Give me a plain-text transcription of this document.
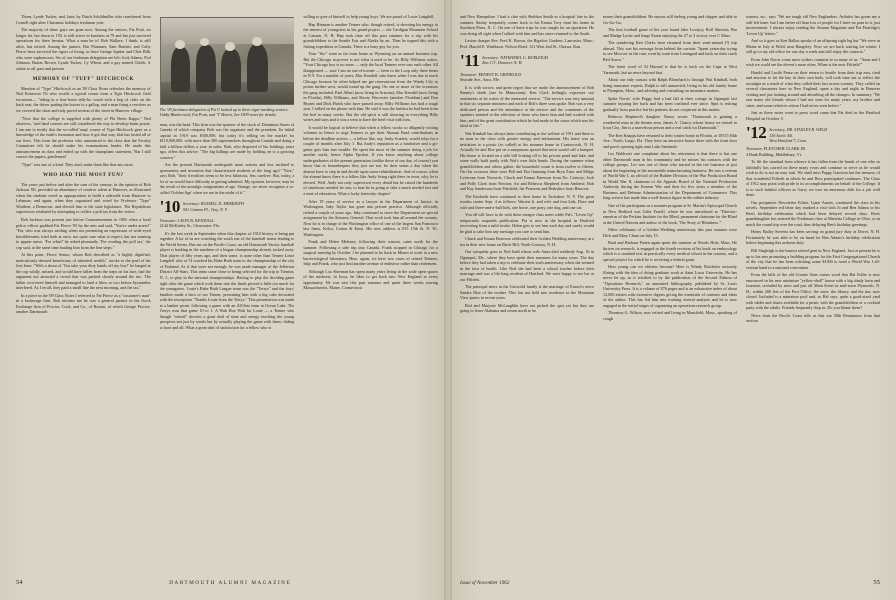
Thorn, Lynde Tucker, and, later, by Dutch Schildmiller who transferred from Cornell right after Christmas holidays freshman year.

The majority of these guys are gone now. Among the seniors, Fat Pratt, no longer fat, but down to 150, is still active in business at 79 and has just survived operations for three hernias. What a man he is! Bob Wallace, I think, is still alive, but retired. Among the juniors, Dut Plummer, Sam Bartlett, and Cully Pierce have survived the rigors of living, as have George Spaker and Clint Bills who were sophomores. Six of our freshman delegation are left: Jock Adams, Pod Johnson, Buster Brown, Lynde Tucker, Cy Wheat, and a guy named Childs. A salute to all, past and present.

MEMORY OF "TUFF" HITCHCOCK

Mention of "Type" Hitchcock in an '09 Class Notes refreshes the memory of Ned Kenerson '03 who recalls a typical return from a Type Hitchcock field excursion— "riding in a four-horse tally-ho coach with a keg of cider on the back seat, the driver putting the horses to a gallop, and a man firing a revolver as we covered the short and only paved section of the street in Hanover village.

"Now that the college is supplied with plenty of Phi Betes Kapps," Ned observes, "and hard courses are still considered the way to develop brain power, I am one to testify that the so-called 'snap' course of Type Hitchcock gave us a knowledge of the earth's formation and how it got that way, that has lasted all of our lives. This from the professor who announced to the class that the Faculty Committee felt he should make his examinations harder. He made this announcement in class and ended up with the triumphant statement, 'But I still correct the papers, gentlemen!'

"Type" was one of a kind. They don't make them like that any more.

WHO HAD THE MOST FUN?

The years just before and after the turn of the century, in the opinion of Bob Jackson '00, provided an abundance of creative talent at Hanover, as illustrated when the students voted as appropriation to build a sidewalk from Hanover to Lebanon; and again, when they organized and voted for Professor "Type" Worthen, a Democrat, and elected him to the state legislature. The Republican supervisors retaliated by attempting to collect a poll tax from the voters.

Bob Jackson was present just before Commencement in 1905 when a local police officer grabbed Fat Pierce '05 by the arm and said, "You're under arrest!" "Fat, who was always smiling when not presenting an expression of wide-eyed bewilderment, tried both at once, not quite sure what to expect, but not wanting to appear naive. 'For what?' he asked pleasantly. 'For evading the poll tax,' the cop said, at the same time hauling him from the fine steps."

At this point, Pierce Senior, whom Bob described as "a highly dignified, meticulously-dressed beneficiary of inherited wealth," awoke to the peril of his first born. "With a shout of 'You take your dirty hands off my boy!' he lunged at the cop wildly, missed, and would have fallen from the steps on his face, had the argument not attracted a crowd that was packed closely around the trio. The father recovered himself and managed to land a blow or two before bystanders interfered. As I recall, they paid a small fine the next morning, and the tax."

In a piece in the '09 Class Notes I referred to Fat Pierce as a "customer's man" in a brokerage firm. Bob informs me he was a general partner in the Stock Exchange firm of Proctor, Cook, and Co., of Boston, of which George Proctor, another Dartmouth

The '09 freshman delegation of Psi U looked up to three cigar-smoking seniors: Tubby Blatherwick, Fat Pratt, and 'T' Brown, See 1909 notes for details.

man, was the head. This firm was the sponsor of the stock of Dominion Stores of Canada of which company Bob was the organizer and the president. Its initial capital in 1919 was $500,000, but today it's selling on the market for $110,000,000, with more than 300 supermarkets throughout Canada and doing a half a billion dollars a year in sales. Bob, who disposed of his holdings years ago, offers this advice: "The big killings are made by holding on to a growing concern."

Are the present Dartmouth undergrads more serious and less inclined to spontaneity and invention that characterized students of the long ago? "Now," says Bob, "their frivolities seem to be less hilarious, less carefree. But, today, a lot of us would have difficulty in getting admitted. My opinion, however, may be the result of the nostalgic astigmatism of age. Strange, we never recognize a so-called 'Golden Age' when we are in the midst of it."

'10 Secretary: RUSSELL D. MEREDITH
501 Cannon Pl., Troy, N. Y.

Treasurer: LEON B. KENDALL
2144 McKinley St., Clearwater, Fla.

It's the last week in September when this chapter of 1910 history is being put together. A lot of us are watching the south run of the baseball teams leading to the World Series. But out on the Pacific Coast, an old Dartmouth Varsity baseball player is basking in the sunshine of a league championship already tucked away. That player of fifty years ago, and then some, is none other than Tenner Louie Langdell who at 74 coached his Babe Ruth team to the championship of the city of Portland. As if that were not enough, he was made manager of the Jefferson District All-Stars. This team came close to being selected for the trip to Trenton, N. J., to play in the national championships. Having to play the deciding game right after the game which took them into the finals proved a little too much for the youngsters. Louie's Babe Ruth League team was the "Terrys" and the boys' families made a hero of our Tenner, presenting him with a big cake decorated with the inscription "Thanks Louie from the Terrys." This presentation was made at a banket picnic following a game with an All-Star team at Ocean Lake. The Terrys won that game 19 to 1. A Wah Hoo Wah for Louie — a Tenner who though "retired" devotes a great deal of time and energy teaching the young prospects not just by words but by actually playing the game with them, sliding to base and all. What a great deal of satisfaction for a fellow who is

willing to give of himself to help young boys. We are proud of Louie Langdell.

Hap Hinman is another Tenner who, though retired, is devoting his energy to the interest of youngsters in his grand project — the Cardigan Mountain School at Canaan, N. H. Hap took time off this past summer for a trip with his grandchildren to the Seattle Fair and Alaska by air. Then he topped this with a fishing expedition in Canada. There is a busy guy for you.

Your "Sec" went as far from home as Wyoming on an annual business trip. But the Chicago stop-over is not what it used to be. As Billy Williams writes, "Your Chicago boy is no more — only the local Tenners ever saw each other. All disappeared — now I am an out-of-towner — been to the Loop only three times in N.Y. For a number of years, Mac Kendall, who knew when I was due to reach Chicago because he often helped me get reservations from the Windy City to points further west, would round up the gang. On one or more of the occasions the gang included, Paul Albert (now living in Arizona), Mac Kendall (now living in Florida), Billy Williams, and Shorty Worcester (another Floridian) and Don Bryant and Dick Huish who have passed away. Billy Williams has had a tough year. I talked on the phone with him. He said it was the farthest he had been from the bed in many weeks. But the old spirit is still showing in everything Billy writes and says and it was a treat to have the brief visit with him.

It would be logical to believe that when a fellow works so diligently writing volumes in letters to urge Tenners to get their Alumni Fund contributions in before the deadline arrives — a fellow like, say, Andy Scarlett, would relax for a couple of months after July 1. But Andy's reputation as a fundraiser and a go-getter gets him into trouble. He spent the most of the summer doing a job for another outfit; hence Alpha Epsilon. If you know anything about college undergraduates of the present generation (unlike those of our day, of course) you know that as housekeepers they just are not, be their status a day when the alumni have to step in and decide upon some rehabilitation. And of course, when the alumni know there is a fellow like Andy living right there in town, why, he is elected. Well, Andy not only supervised every detail but he raised the hundreds of simoleons needed, he saw, to bear be in going to take a much needed rest and a time of relaxation. What a lucky fraternity chapter!

After 19 years of service as a lawyer in the Department of Justice, in Washington, Inky Taylor has gone into private practice. Although officially retired a couple of years ago, Inky continued to serve the Department on special assignment by the Attorney General. That work took him all around the country. Now he is in charge of the Washington office of one of the largest San Francisco law firms, Kelso, Cotton & Ernst. His new address is 815 15th St. N. W., Washington.

Frank and Helen Meleney, following their custom, came north for the summer. Following a side trip into Canada, Frank stopped in Chicago for a surgical meeting by October 1 he planned to be back in Miami at work in a new bacteriological laboratory. Here, again, we have two cases of retired Tenners, Inky and Frank, who just find another avenue of endeavor rather than retirement.

Although Lou Sherman has spent many years living in the wide open spaces of the midwest, in Iowa, he likes to get back into New England at every opportunity. He was east this past summer and spent three weeks touring Massachusetts, Maine, Connecticut

54	DARTMOUTH ALUMNI MAGAZINE

and New Hampshire. I had a chat with Sheldon Smith in a hospital late in the summer. Smitty frequently comes back to his Emma Troy from his home in Southern Pines, N. C. On one of these trips he was caught for an operation. He was doing all right when I talked with him and has since returned to the South.

Lesion charges Rev. Fred K. Brown, the Bigelow Gardens, Lancaster, Mass.; Prof. Harold E. Washburn, Nelson Hotel, 121 West 2nd St., Ottawa, Kan.

'11 Secretary: NATHANIEL G. BURLEIGH
Box 171, Hanover, N. H.

Treasurer: ERNEST B. GRINROLD
Seaside Ave., Saco, Me.

It is with sorrow and great regret that we make the announcement of Bob Barney's death (see In Memoriam). Ken Clark feelingly expresses our sentiments as he writes of the memorial service. "The service was very unusual in that six separate ministers and each of Bob's three sons spoke. Bob was a very dedicated person and the attendance at the service and the comments of the speakers attested to the affection of those who knew him and had worked with him, and of the great contribution which he had made to the cause which was his ideal in life."

Wat Kimball has always been contributing to the welfare of 1911 and there is no man in the class with greater energy and enthusiasm. His latest was an invitation to a picnic (so called) at his summer home in Contoocook, N. H. Actually he and Else put on a sumptuous spread that most would call a banquet. His home is located on a side hill looking off to his private pond and lake, and some walls built partly with Wat's own little hands. During the summer when grandchildren and others gather, the household count is from twelve to fifteen. On this occasion there were Bill and Dot Gunning from Bryn Zane and Midge Leverone from Norwich; Chuck and Emma Emerson from No. Conway; Josh and Polly Clark from Newton; Art and Rebecca Shepherd from Amherst; Bob and Kay Sanderson from Pittsfield; the Pearsons and Berkshire from Hanover.

The Kimballs have continued to their home in Tuckahoe, N. Y. The great exodus starter Sept. 4 as follows: Warren Jr. and wife and four kids, Dave and wife and three-and-a-half kids, one horse, one pony, one dog, and one cat.

You all will have to do with these meagre class notes while Pat's "Leven Up" temporarily suspends publication. Pat is now in the hospital in Hartford recovering from a mild stroke. Helen gets to see him each day and surely would be glad to take him any message you care to send him.

Chuck and Emma Emerson celebrated their Golden Wedding anniversary at a tea in their new home on Birch Hill, North Conway, N. H.

Our sympathy goes to Ned Judd whose wife Anna died suddenly Aug. 16 in Ogunquit, Me., where they have spent their summers for many years. The day before they had taken a trip to celebrate their sixth anniversary when she seemed in the best of health. Like Ned she had been a school teacher before their marriage and was a life-long resident of Hartford. We were happy to see her at our Fiftieth.

The principal news in the Griswold family is the marriage of Eunice's niece Sandra Dise of the mother. This has not held into residence in the Mountain View patios in recent years.

Red and Marjorie McLaughlin have not picked the spot yet but they are going to leave Alabama and return north to be

nearer their grandchildren. He reports still feeling young and chipper and able to Go-Go-Go.

The first football game of the year found Jake Lovejoy, Roll Sherwin, Bar and Madge Locke and Sarge Eaton enjoying the 27 to 3 victory over C Mass.

The wandering Ken Clarks have returned from their semi-annual (?) trip abroad. This was his message from behind the curtain: "Spent yesterday trying to see Moscow in the rain, went by train from Leningrad and back on their crack Red Arrow."

The latest word of Al Hormel is that he is back on the Cape at West Yarmouth, but no news beyond that.

About our only contact with Ralph Blanchard is through Wat Kimball, both being insurance experts. Ralph is still unmarried, living in his old family home in Plympton, Mass., and advising and consulting on insurance matters.

Spike Norris' wife Peggy had a bad fall at their cottage in Ogunquit last summer injuring her back and has been confined ever since. Spin is retiring gradually from practice but his patients do not cooperate in this matter.

Rebecca Shepherd's daughter Nancy wrote: "Dartmouth is gaining a wonderful man in the theater area, James A. Clancy whose house we rented in Iowa City. Jim is a marvelous person and a real catch for Dartmouth."

The Ken Knapps have returned to their winter home in Florida, at 10515 84th Ave., North, Largo, Fla. They have an attractive house there with the front door and porch opening right onto Lake Seminole.

Les Waldron's one complaint about his retirement is that there is but one other Dartmouth man in his community and he misses his contacts with the college groups. Les was one of those who started in the tire business at just about the beginning of the automobile manufacturing business. He was a veteran of World War I, an official of the Rubber Division of the War Production Board in World War II, chairman of the Appeals Board of the National Production Authority during the Korean War and then for five years a member of the Business and Defense Administration of the Department of Commerce. This long service has made him a well-known figure in the rubber industry.

One of the participants at a summer program at St. Martin's Episcopal Church in New Bedford was Gabe Farrell, where he was introduced as "Director-emeritus of the Perkins Institute for the Blind, permanent chairman for the Blind at the United Nations and author of the book, 'The Story of Blindness.'"

Other celebrants of a Golden Wedding anniversary this past summer were Dick and Mary Chase on July 15.

Brad and Barbara Patten again spent the summer at Woods Hole, Mass. He thrives on research, is engaged in the fourth revision of his book on embryology which is a standard text in practically every medical school in the country, and a special project for which he is receiving a federal grant.

How young can we oldsters become? Here is Windy Batchelor seriously flirting with the idea of doing graduate work at Saint Louis University. He has never let up, as is testified to by the publication of the Second Edition of "Operations Research," an annotated bibliography, published by St. Louis University Press. It is a volume of 876 pages and is an exhaustive index of about 12,000 entries with extensive digests giving the essentials of contents and ideas of the author. This has led him into training several analysts and he is now engaged in the initial stages of organizing an operations research group.

Thornton G. Wilson, now retired and living in Mansfield, Mass., speaking of cough

winters, etc., says "We are tough old New Englanders. Arthritis has given me a stiff left knee, but I am better off than lots of people for I have no pain in it, just inconvenient. I always enjoy reading the Alumni Magazine and Pat Partridge's 'Leven Up' letters."

And so it goes as Ken Ballou speaks of an offspring right leg but "We were in Maine in July at Wold, near Rangeley. Now we are back waiting for winter. I still go to my old office for one day a week and still enjoy the contacts."

From John Norris come more wishes common to so many of us: "Anne and I wish we could see the eleven's more often. When is the next Fiftieth?"

Harold and Lucile Pease on their return to Seattle from their trip east, tired and anxious to hit the hay in their own beds, will took time out to reflect the nostalgia as a result of what they called their last across-country. They called on several classmates here in New England, spent a day and night in Hanover visiting and just looking around and absorbing all the changes. In summary "We saw many old friends whom I had not seen for many years, my brother and sister, and some relatives whom I had never seen before."

Just as these notes went to press word came that Pat died in the Hartford Hospital on October 5.

'12 Secretary, DR. STANLEY B. WELD
136 Steele Rd.
West Hartford 7, Conn.

Treasurer, FLETCHER CLARK JR.
4 Bank Building, Middlebury, Vt.

To lift the standard from whence it has fallen from the hands of one who so faithfully has carried on these many years and continue to serve as he would wish to do is not an easy task. We shall miss Pappy Garrison but the memory of that wonderful Fiftieth in which he and Bess participated continues. The Class of 1912 may point with pride to its accomplishments on behalf of the College. It is to such faithful officers as Garry we owe an enormous debt for a job well done.

Our peripatetic Newsletter Editor, Lyme Armes, continued the class in his travels. September red letter day marked a visit with Jo and Ben Adams to his Ben's birthday celebration which had been delayed several days. Ben's granddaughter has entered the Freshman class at Marietta College in Ohio, so in much the round trip over the road, thus delaying Ben's birthday greetings.

Henry Bailey Stevens has been serving on grand jury duty at Dover, N. H. Fortunately he was able to be on hand for Ben Adams's birthday celebration before beginning this arduous duty.

Bill Singleigh is the busiest retired gent in New England. Just at present he is up to his ears promoting a building program for the First Congregational Church of the city that he has been soliciting some $1300 to send a World War I all-veteran band to a national convention.

From the hills of the old Granite State comes word that Hal Fuller is now ensconced in his new miniature "yellow-shell" house with a big shady lawn and fountain, secluded by trees and just off Main Street in mid-town Plymouth, N. H., within 200 feet of the Post Office, the store, the library, and the inn, now closed. Included is a miniature pool and, as Hal says, quite a good-sized yard with tables and chairs available for a picnic with the grandchildren or a cocktail party with the adults. Friends frequently drop in. Do you blame them?

News from the Pacific Coast tells us that our 50th Reunioners from that section

Issue of November 1962	55
